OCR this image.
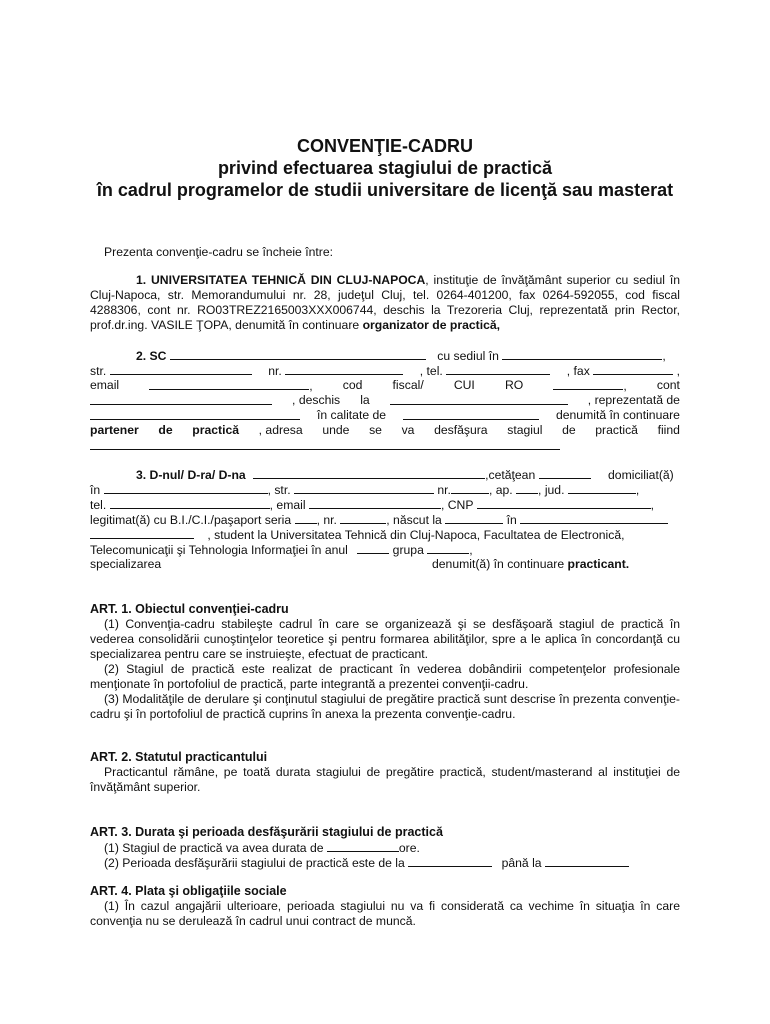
CONVENŢIE-CADRU
privind efectuarea stagiului de practică
în cadrul programelor de studii universitare de licenţă sau masterat
Prezenta convenţie-cadru se încheie între:
1. UNIVERSITATEA TEHNICĂ DIN CLUJ-NAPOCA, instituţie de învăţământ superior cu sediul în Cluj-Napoca, str. Memorandumului nr. 28, judeţul Cluj, tel. 0264-401200, fax 0264-592055, cod fiscal 4288306, cont nr. RO03TREZ2165003XXX006744, deschis la Trezoreria Cluj, reprezentată prin Rector, prof.dr.ing. VASILE ŢOPA, denumită în continuare organizator de practică,
2. SC	cu sediul în	,
str.	nr.	, tel.	, fax	,
email	, cod fiscal/ CUI RO	, cont
, deschis la	, reprezentată de
în calitate de	denumită în continuare
partener de practică , adresa unde se va desfăşura stagiul de practică fiind
3. D-nul/ D-ra/ D-na	,cetăţean	domiciliat(ă)
în	, str.	nr.	, ap. , jud.	,
tel.	, email	, CNP	,
legitimat(ă) cu B.I./C.I./paşaport seria , nr.	, născut la	în
, student la Universitatea Tehnică din Cluj-Napoca, Facultatea de Electronică,
Telecomunicaţii şi Tehnologia Informaţiei în anul	grupa	,
specializarea	denumit(ă) în continuare practicant.
ART. 1. Obiectul convenţiei-cadru
(1) Convenţia-cadru stabileşte cadrul în care se organizează şi se desfăşoară stagiul de practică în vederea consolidării cunoştinţelor teoretice şi pentru formarea abilităţilor, spre a le aplica în concordanţă cu specializarea pentru care se instruieşte, efectuat de practicant.
(2) Stagiul de practică este realizat de practicant în vederea dobândirii competenţelor profesionale menţionate în portofoliul de practică, parte integrantă a prezentei convenţii-cadru.
(3) Modalităţile de derulare şi conţinutul stagiului de pregătire practică sunt descrise în prezenta convenţie-cadru şi în portofoliul de practică cuprins în anexa la prezenta convenţie-cadru.
ART. 2. Statutul practicantului
Practicantul rămâne, pe toată durata stagiului de pregătire practică, student/masterand al instituţiei de învăţământ superior.
ART. 3. Durata şi perioada desfăşurării stagiului de practică
(1) Stagiul de practică va avea durata de	ore.
(2) Perioada desfăşurării stagiului de practică este de la	până la
ART. 4. Plata şi obligaţiile sociale
(1) În cazul angajării ulterioare, perioada stagiului nu va fi considerată ca vechime în situaţia în care convenţia nu se derulează în cadrul unui contract de muncă.
